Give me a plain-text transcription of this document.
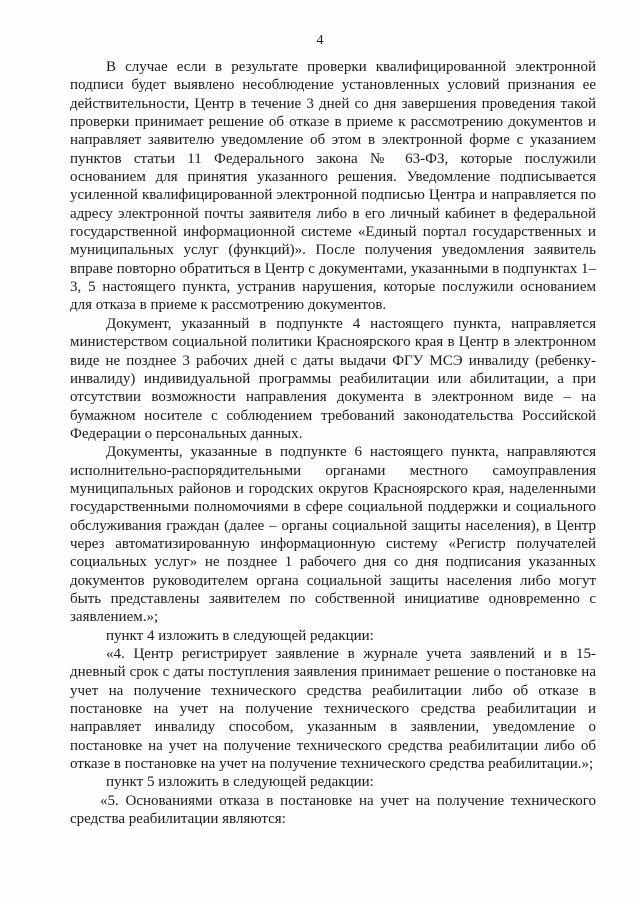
4

В случае если в результате проверки квалифицированной электронной подписи будет выявлено несоблюдение установленных условий признания ее действительности, Центр в течение 3 дней со дня завершения проведения такой проверки принимает решение об отказе в приеме к рассмотрению документов и направляет заявителю уведомление об этом в электронной форме с указанием пунктов статьи 11 Федерального закона № 63-ФЗ, которые послужили основанием для принятия указанного решения. Уведомление подписывается усиленной квалифицированной электронной подписью Центра и направляется по адресу электронной почты заявителя либо в его личный кабинет в федеральной государственной информационной системе «Единый портал государственных и муниципальных услуг (функций)». После получения уведомления заявитель вправе повторно обратиться в Центр с документами, указанными в подпунктах 1–3, 5 настоящего пункта, устранив нарушения, которые послужили основанием для отказа в приеме к рассмотрению документов.

Документ, указанный в подпункте 4 настоящего пункта, направляется министерством социальной политики Красноярского края в Центр в электронном виде не позднее 3 рабочих дней с даты выдачи ФГУ МСЭ инвалиду (ребенку-инвалиду) индивидуальной программы реабилитации или абилитации, а при отсутствии возможности направления документа в электронном виде – на бумажном носителе с соблюдением требований законодательства Российской Федерации о персональных данных.

Документы, указанные в подпункте 6 настоящего пункта, направляются исполнительно-распорядительными органами местного самоуправления муниципальных районов и городских округов Красноярского края, наделенными государственными полномочиями в сфере социальной поддержки и социального обслуживания граждан (далее – органы социальной защиты населения), в Центр через автоматизированную информационную систему «Регистр получателей социальных услуг» не позднее 1 рабочего дня со дня подписания указанных документов руководителем органа социальной защиты населения либо могут быть представлены заявителем по собственной инициативе одновременно с заявлением.»;

пункт 4 изложить в следующей редакции:

«4. Центр регистрирует заявление в журнале учета заявлений и в 15-дневный срок с даты поступления заявления принимает решение о постановке на учет на получение технического средства реабилитации либо об отказе в постановке на учет на получение технического средства реабилитации и направляет инвалиду способом, указанным в заявлении, уведомление о постановке на учет на получение технического средства реабилитации либо об отказе в постановке на учет на получение технического средства реабилитации.»;

пункт 5 изложить в следующей редакции:

«5. Основаниями отказа в постановке на учет на получение технического средства реабилитации являются:
